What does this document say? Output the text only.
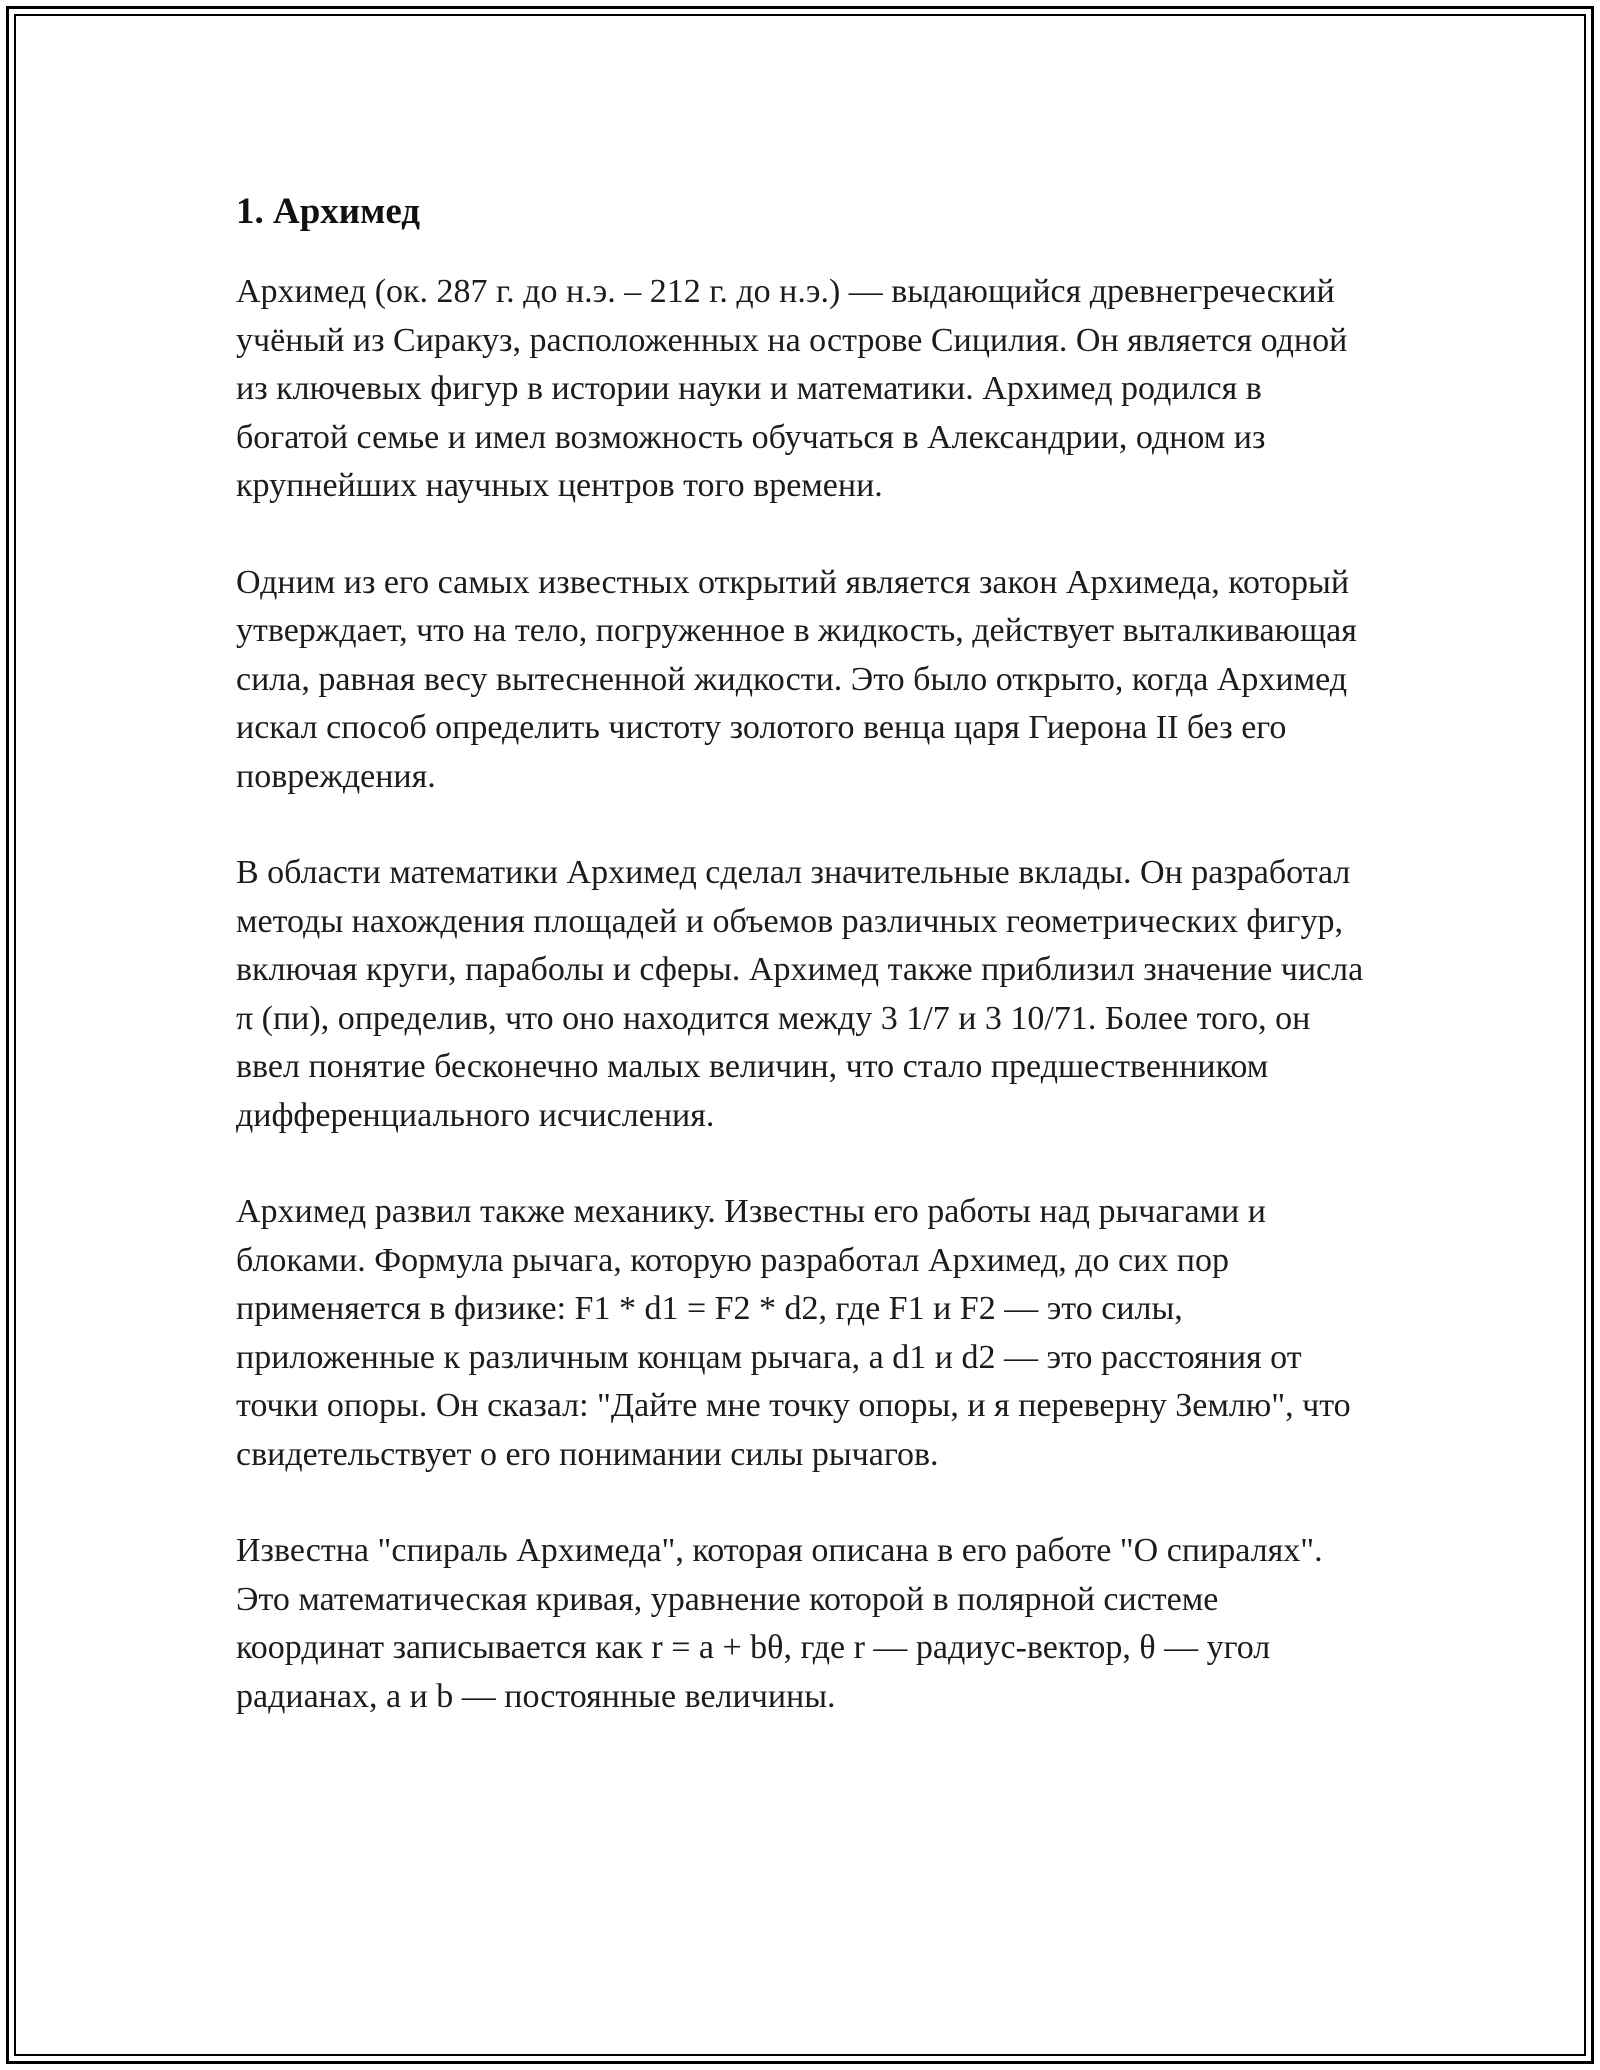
1. Архимед

Архимед (ок. 287 г. до н.э. – 212 г. до н.э.) — выдающийся древнегреческий учёный из Сиракуз, расположенных на острове Сицилия. Он является одной из ключевых фигур в истории науки и математики. Архимед родился в богатой семье и имел возможность обучаться в Александрии, одном из крупнейших научных центров того времени.

Одним из его самых известных открытий является закон Архимеда, который утверждает, что на тело, погруженное в жидкость, действует выталкивающая сила, равная весу вытесненной жидкости. Это было открыто, когда Архимед искал способ определить чистоту золотого венца царя Гиерона II без его повреждения.

В области математики Архимед сделал значительные вклады. Он разработал методы нахождения площадей и объемов различных геометрических фигур, включая круги, параболы и сферы. Архимед также приблизил значение числа π (пи), определив, что оно находится между 3 1/7 и 3 10/71. Более того, он ввел понятие бесконечно малых величин, что стало предшественником дифференциального исчисления.

Архимед развил также механику. Известны его работы над рычагами и блоками. Формула рычага, которую разработал Архимед, до сих пор применяется в физике: F1 * d1 = F2 * d2, где F1 и F2 — это силы, приложенные к различным концам рычага, а d1 и d2 — это расстояния от точки опоры. Он сказал: "Дайте мне точку опоры, и я переверну Землю", что свидетельствует о его понимании силы рычагов.

Известна "спираль Архимеда", которая описана в его работе "О спиралях". Это математическая кривая, уравнение которой в полярной системе координат записывается как r = a + bθ, где r — радиус-вектор, θ — угол радианах, a и b — постоянные величины.
